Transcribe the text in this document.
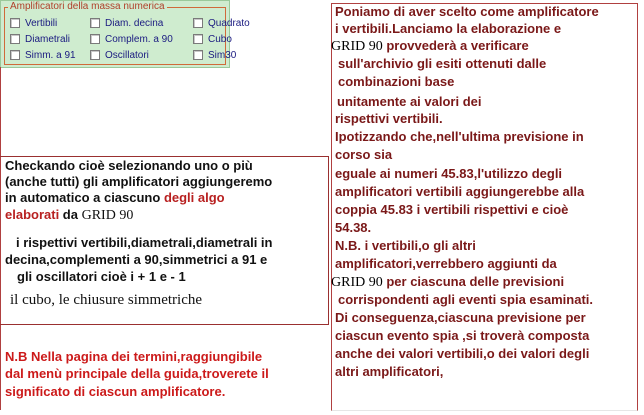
Amplificatori della massa numerica
Vertibili	Diam. decina	Quadrato
Diametrali	Complem. a 90	Cubo
Simm. a 91	Oscillatori	Sim30
Checkando cioè selezionando uno o più
(anche tutti) gli amplificatori aggiungeremo
in automatico a ciascuno degli algo
elaborati da GRID 90
i rispettivi vertibili,diametrali,diametrali in
decina,complementi a 90,simmetrici a 91 e
gli oscillatori cioè i + 1 e - 1
il cubo, le chiusure simmetriche
N.B Nella pagina dei termini,raggiungibile
dal menù principale della guida,troverete il
significato di ciascun amplificatore.
Poniamo di aver scelto come amplificatore
i vertibili.Lanciamo la elaborazione e
GRID 90 provvederà a verificare
sull'archivio gli esiti ottenuti dalle
combinazioni base
unitamente ai valori dei
rispettivi vertibili.
Ipotizzando che,nell'ultima previsione in
corso sia
eguale ai numeri 45.83,l'utilizzo degli
amplificatori vertibili aggiungerebbe alla
coppia 45.83 i vertibili rispettivi e cioè
54.38.
N.B. i vertibili,o gli altri
amplificatori,verrebbero aggiunti da
GRID 90 per ciascuna delle previsioni
corrispondenti agli eventi spia esaminati.
Di conseguenza,ciascuna previsione per
ciascun evento spia ,si troverà composta
anche dei valori vertibili,o dei valori degli
altri amplificatori,
